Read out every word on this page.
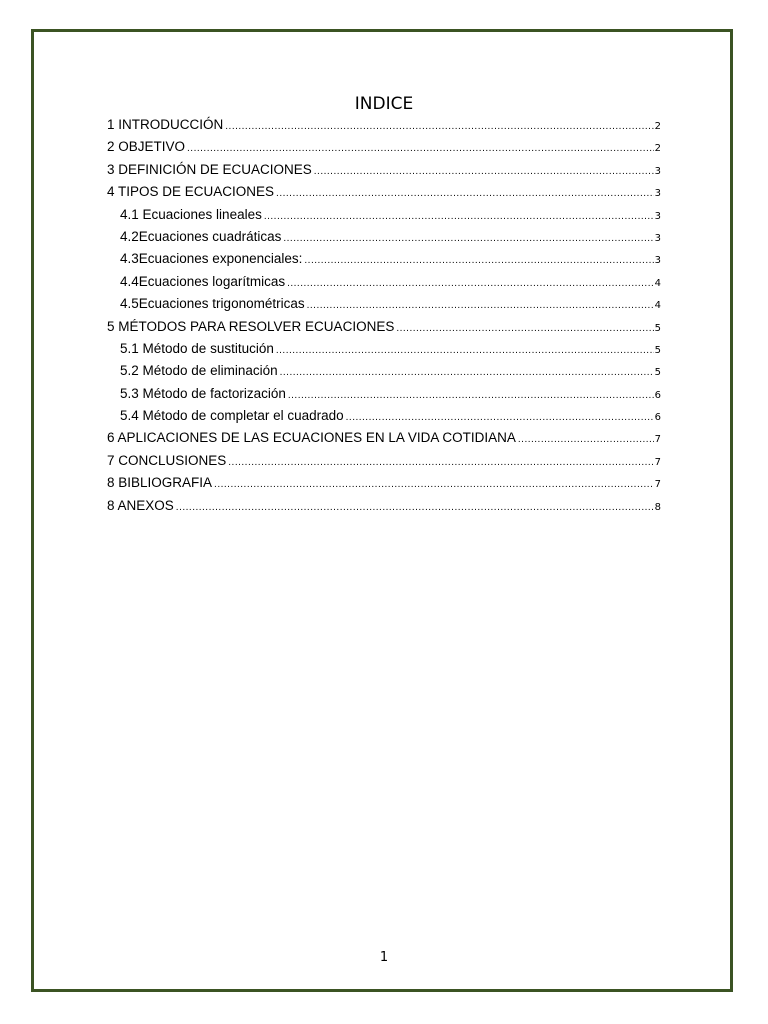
INDICE
1 INTRODUCCIÓN .....	2
2 OBJETIVO .....	2
3 DEFINICIÓN DE ECUACIONES .....	3
4 TIPOS DE ECUACIONES .....	3
4.1 Ecuaciones lineales .....	3
4.2Ecuaciones cuadráticas .....	3
4.3Ecuaciones exponenciales: .....	3
4.4Ecuaciones logarítmicas .....	4
4.5Ecuaciones trigonométricas .....	4
5 MÉTODOS PARA RESOLVER ECUACIONES .....	5
5.1 Método de sustitución .....	5
5.2 Método de eliminación .....	5
5.3 Método de factorización .....	6
5.4 Método de completar el cuadrado .....	6
6 APLICACIONES DE LAS ECUACIONES EN LA VIDA COTIDIANA .....	7
7 CONCLUSIONES .....	7
8 BIBLIOGRAFIA .....	7
8 ANEXOS .....	8
1
